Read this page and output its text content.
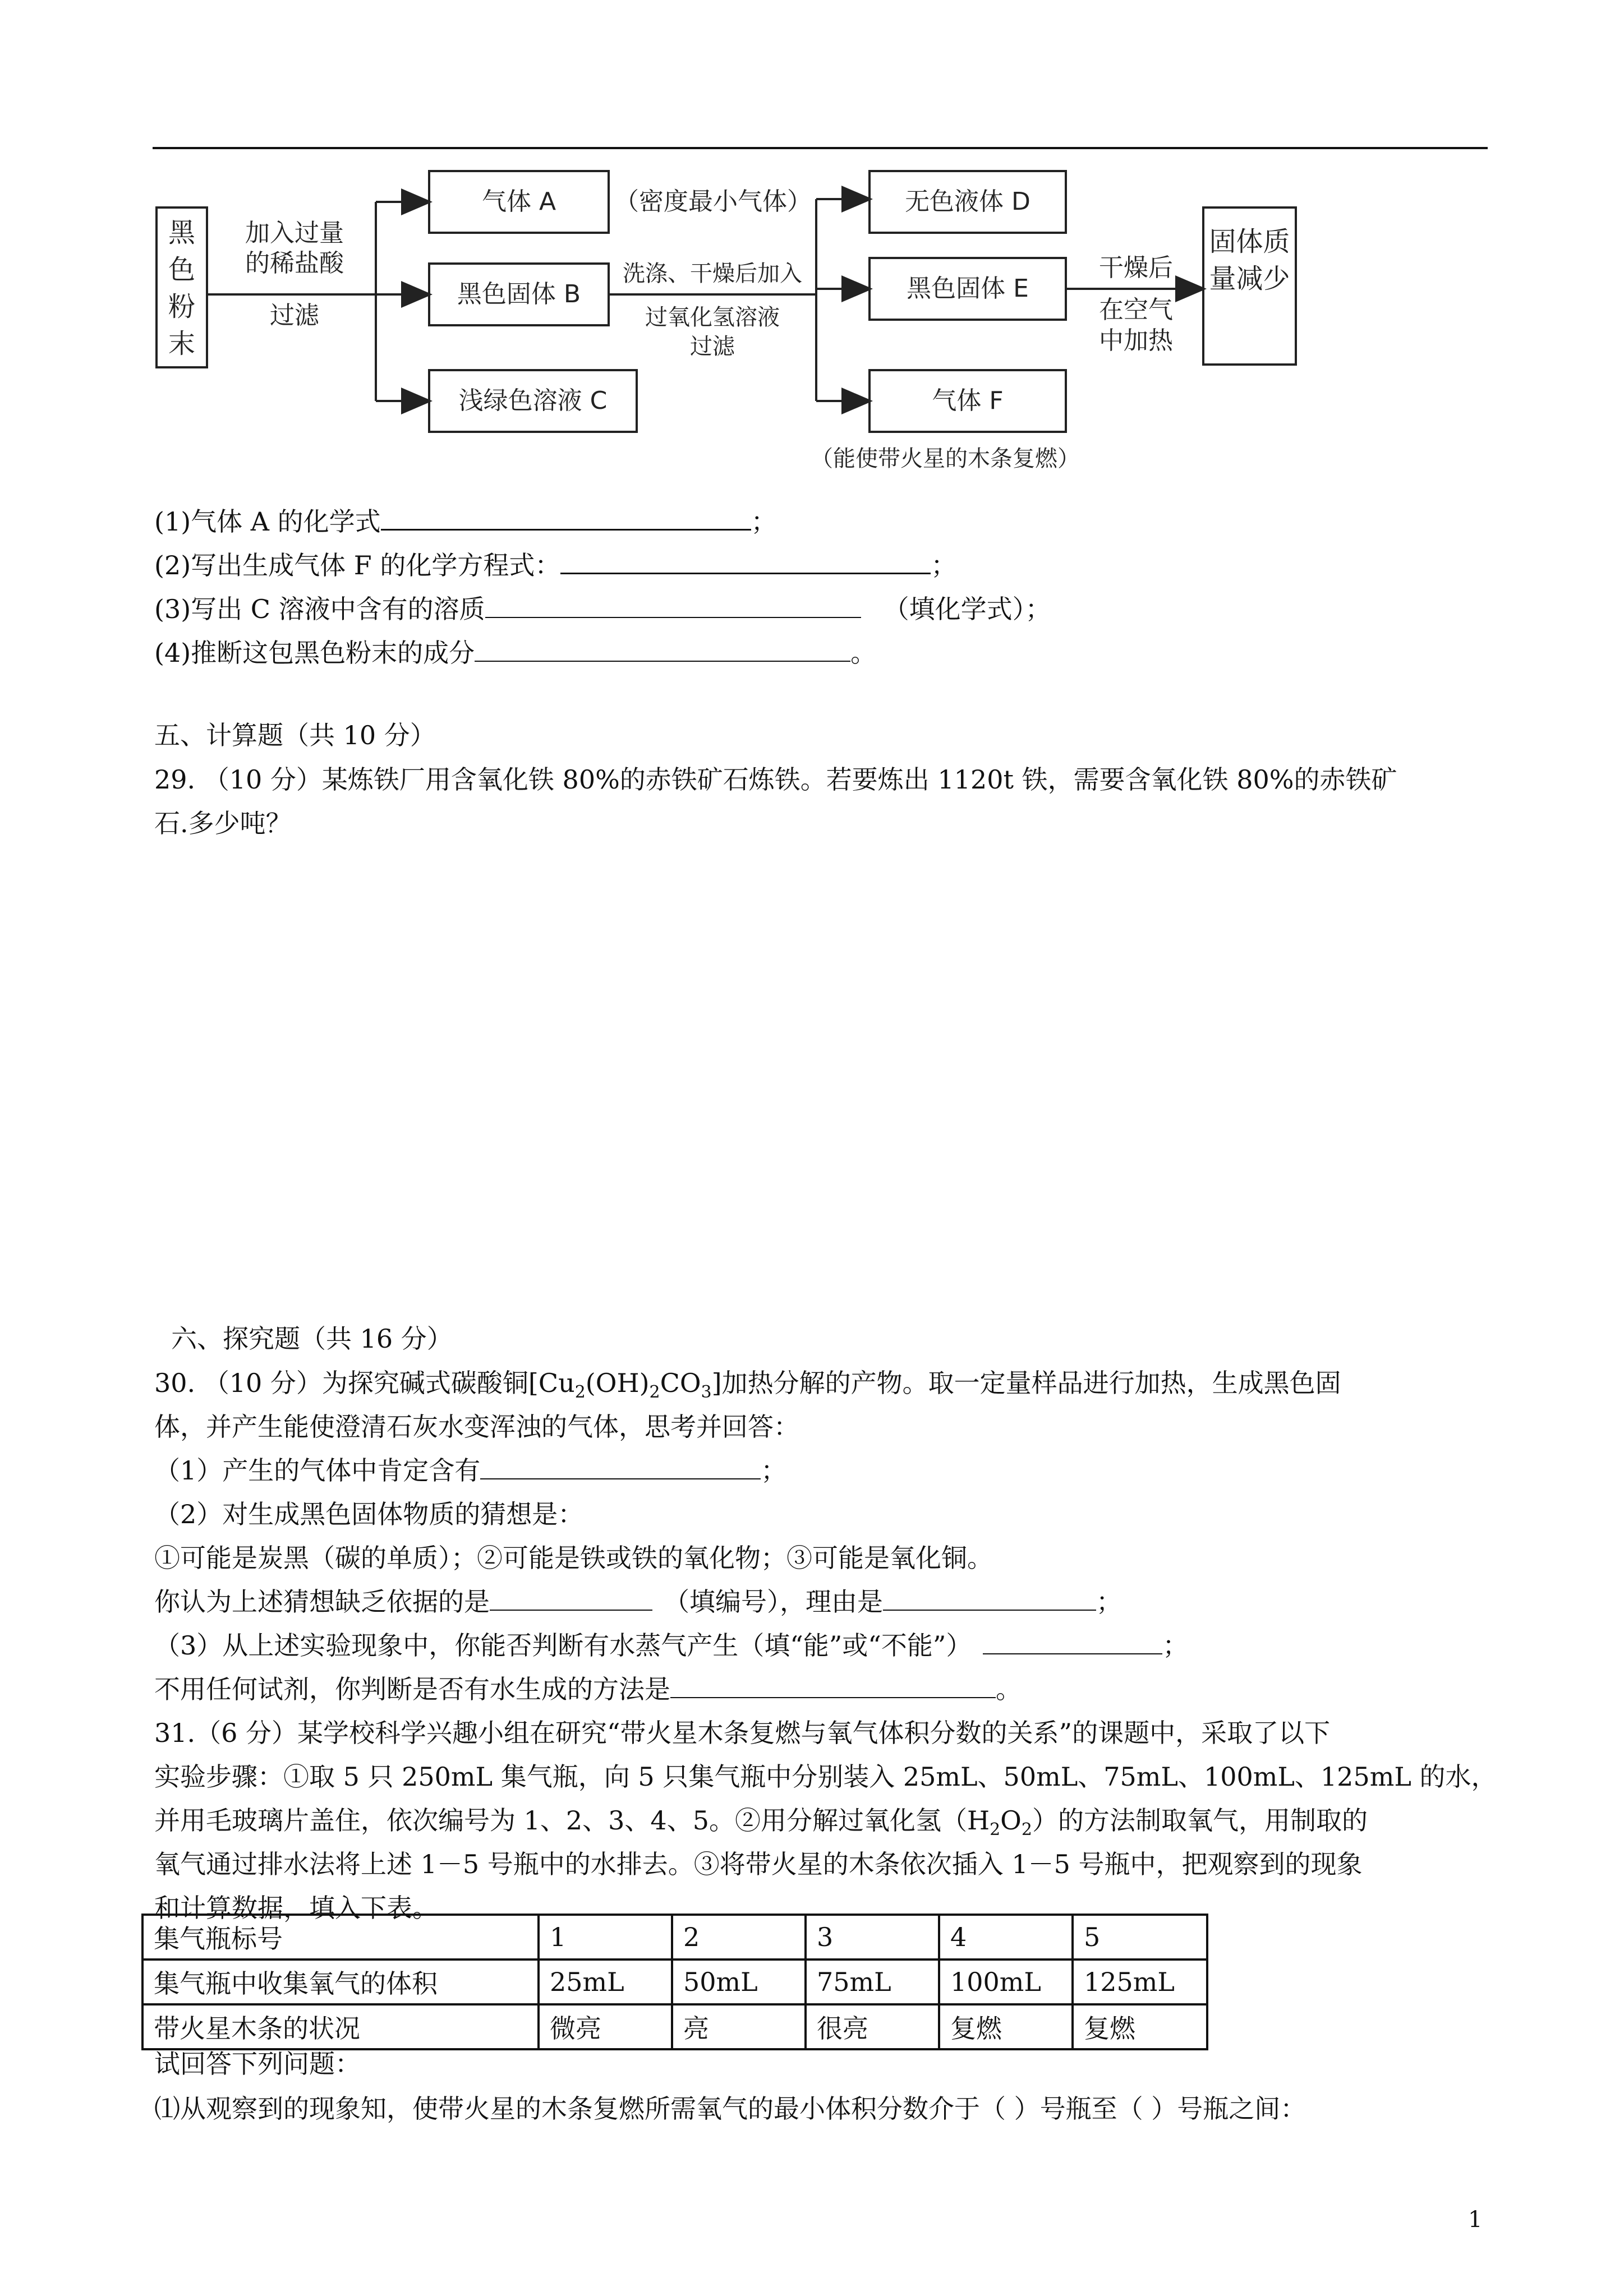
黑色粉末
加入过量
的稀盐酸
过滤
气体 A	（密度最小气体）
黑色固体 B
浅绿色溶液 C
洗涤、干燥后加入
过氧化氢溶液
过滤
无色液体 D
黑色固体 E
气体 F
（能使带火星的木条复燃）
干燥后
在空气
中加热
固体质量减少
(1)气体 A 的化学式	；
(2)写出生成气体 F 的化学方程式：	；
(3)写出 C 溶液中含有的溶质	（填化学式）；
(4)推断这包黑色粉末的成分	。
五、计算题（共 10 分）
29. （10 分）某炼铁厂用含氧化铁 80%的赤铁矿石炼铁。若要炼出 1120t 铁，需要含氧化铁 80%的赤铁矿
石.多少吨？
六、探究题（共 16 分）
30. （10 分）为探究碱式碳酸铜$[Cu_2(OH)_2CO_3]$加热分解的产物。取一定量样品进行加热，生成黑色固
体，并产生能使澄清石灰水变浑浊的气体，思考并回答：
（1）产生的气体中肯定含有	；
（2）对生成黑色固体物质的猜想是：
①可能是炭黑（碳的单质）；②可能是铁或铁的氧化物；③可能是氧化铜。
你认为上述猜想缺乏依据的是	（填编号），理由是	；
（3）从上述实验现象中，你能否判断有水蒸气产生（填“能”或“不能”）	；
不用任何试剂，你判断是否有水生成的方法是	。
31.（6 分）某学校科学兴趣小组在研究“带火星木条复燃与氧气体积分数的关系”的课题中，采取了以下
实验步骤：①取 5 只 250mL 集气瓶，向 5 只集气瓶中分别装入 25mL、50mL、75mL、100mL、125mL 的水，
并用毛玻璃片盖住，依次编号为 1、2、3、4、5。②用分解过氧化氢$(H_2O_2)$的方法制取氧气，用制取的
氧气通过排水法将上述 1－5 号瓶中的水排去。③将带火星的木条依次插入 1－5 号瓶中，把观察到的现象
和计算数据，填入下表。
集气瓶标号	1	2	3	4	5
集气瓶中收集氧气的体积	25mL	50mL	75mL	100mL	125mL
带火星木条的状况	微亮	亮	很亮	复燃	复燃
试回答下列问题：
⑴从观察到的现象知，使带火星的木条复燃所需氧气的最小体积分数介于（ ）号瓶至（ ）号瓶之间：
1
